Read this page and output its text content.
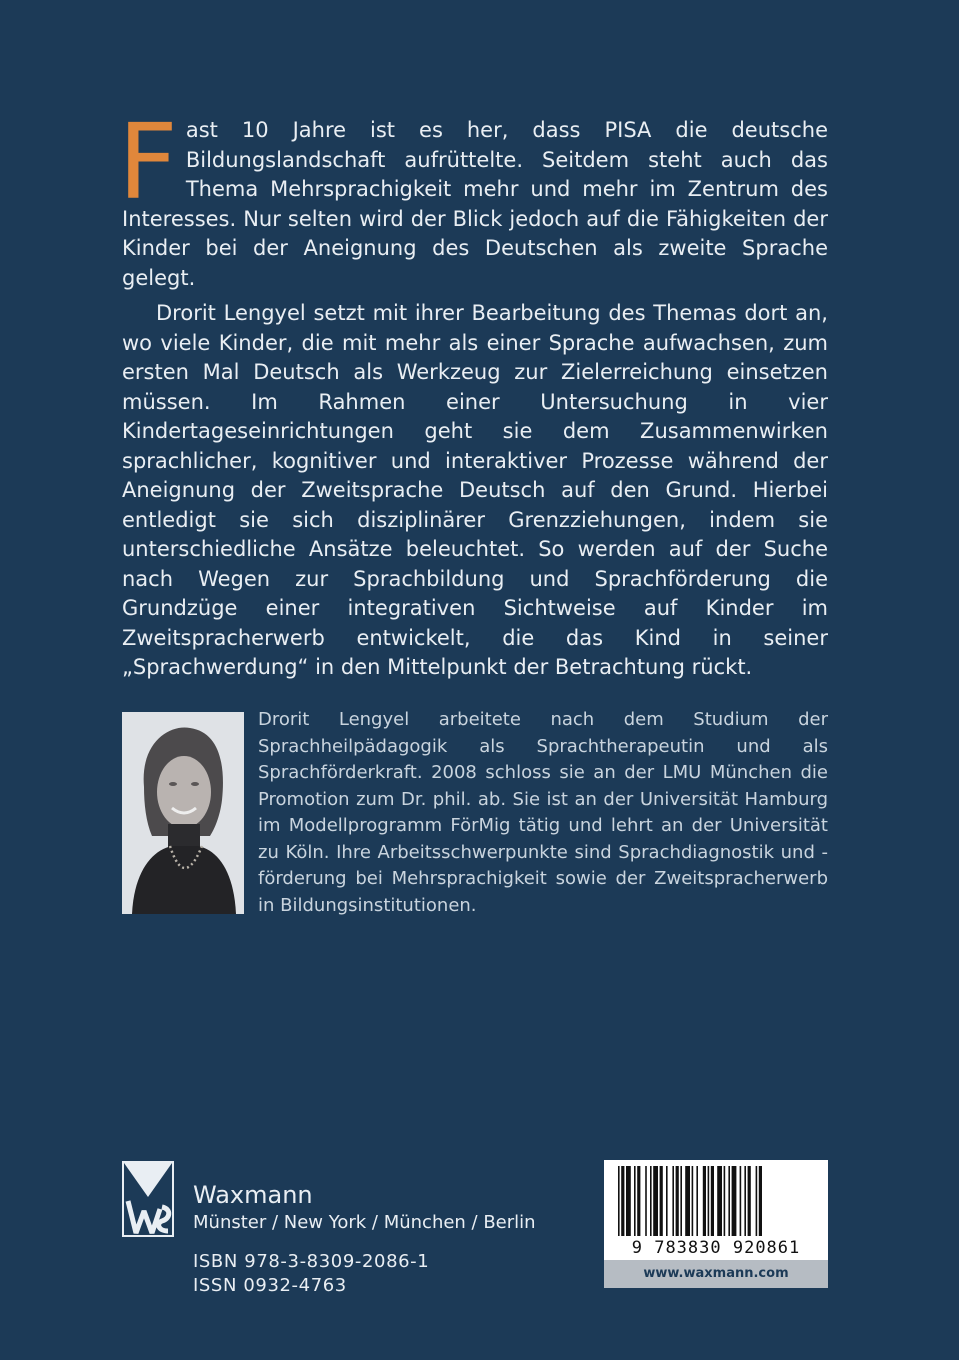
Fast 10 Jahre ist es her, dass PISA die deutsche Bildungslandschaft aufrüttelte. Seitdem steht auch das Thema Mehrsprachigkeit mehr und mehr im Zentrum des Interesses. Nur selten wird der Blick jedoch auf die Fähigkeiten der Kinder bei der Aneignung des Deutschen als zweite Sprache gelegt.

Drorit Lengyel setzt mit ihrer Bearbeitung des Themas dort an, wo viele Kinder, die mit mehr als einer Sprache aufwachsen, zum ersten Mal Deutsch als Werkzeug zur Zielerreichung einsetzen müssen. Im Rahmen einer Untersuchung in vier Kindertageseinrichtungen geht sie dem Zusammenwirken sprachlicher, kognitiver und interaktiver Prozesse während der Aneignung der Zweitsprache Deutsch auf den Grund. Hierbei entledigt sie sich disziplinärer Grenzziehungen, indem sie unterschiedliche Ansätze beleuchtet. So werden auf der Suche nach Wegen zur Sprachbildung und Sprachförderung die Grundzüge einer integrativen Sichtweise auf Kinder im Zweitspracherwerb entwickelt, die das Kind in seiner „Sprachwerdung“ in den Mittelpunkt der Betrachtung rückt.

Drorit Lengyel arbeitete nach dem Studium der Sprachheilpädagogik als Sprachtherapeutin und als Sprachförderkraft. 2008 schloss sie an der LMU München die Promotion zum Dr. phil. ab. Sie ist an der Universität Hamburg im Modellprogramm FörMig tätig und lehrt an der Universität zu Köln. Ihre Arbeitsschwerpunkte sind Sprachdiagnostik und -förderung bei Mehrsprachigkeit sowie der Zweitspracherwerb in Bildungsinstitutionen.
Waxmann
Münster / New York / München / Berlin
ISBN 978-3-8309-2086-1
ISSN 0932-4763
9 783830 920861
www.waxmann.com
